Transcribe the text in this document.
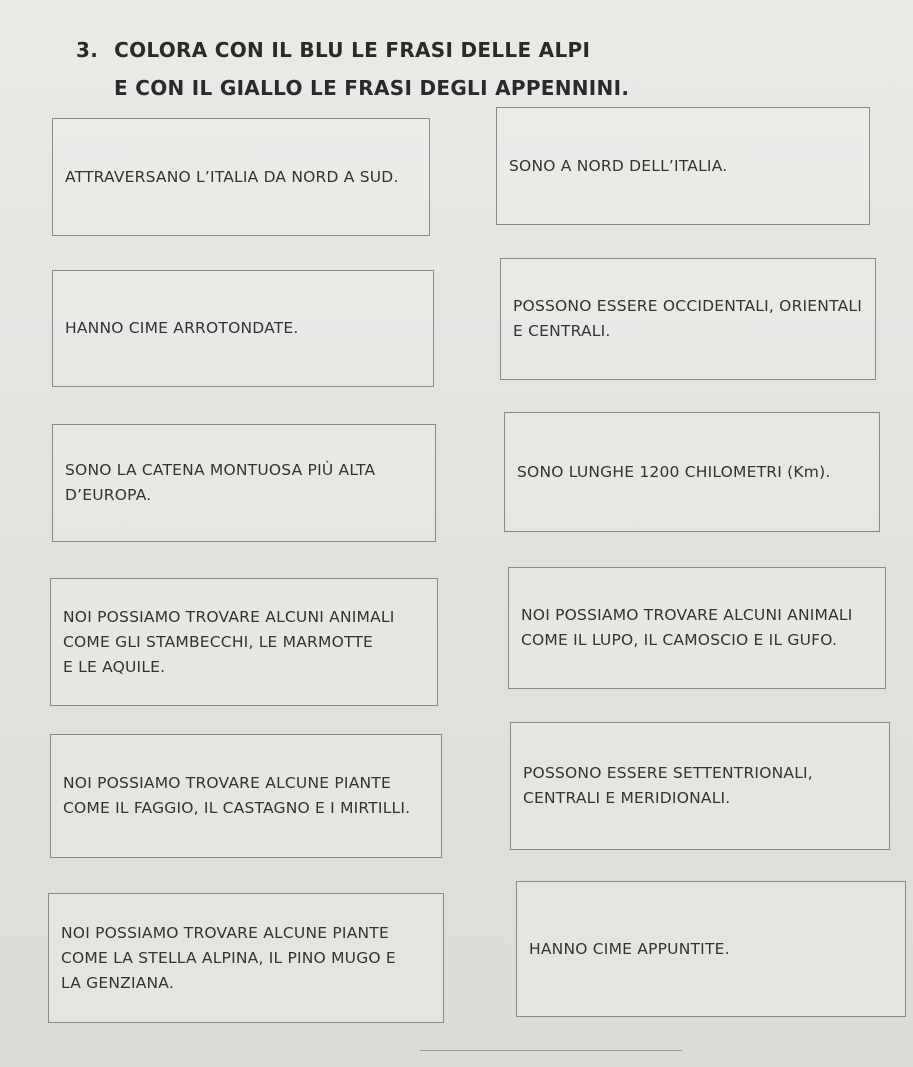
3. COLORA CON IL BLU LE FRASI DELLE ALPI
E CON IL GIALLO LE FRASI DEGLI APPENNINI.
ATTRAVERSANO L’ITALIA DA NORD A SUD.
HANNO CIME ARROTONDATE.
SONO LA CATENA MONTUOSA PIÙ ALTA
D’EUROPA.
NOI POSSIAMO TROVARE ALCUNI ANIMALI
COME GLI STAMBECCHI, LE MARMOTTE
E LE AQUILE.
NOI POSSIAMO TROVARE ALCUNE PIANTE
COME IL FAGGIO, IL CASTAGNO E I MIRTILLI.
NOI POSSIAMO TROVARE ALCUNE PIANTE
COME LA STELLA ALPINA, IL PINO MUGO E
LA GENZIANA.
SONO A NORD DELL’ITALIA.
POSSONO ESSERE OCCIDENTALI, ORIENTALI
E CENTRALI.
SONO LUNGHE 1200 CHILOMETRI (Km).
NOI POSSIAMO TROVARE ALCUNI ANIMALI
COME IL LUPO, IL CAMOSCIO E IL GUFO.
POSSONO ESSERE SETTENTRIONALI,
CENTRALI E MERIDIONALI.
HANNO CIME APPUNTITE.
